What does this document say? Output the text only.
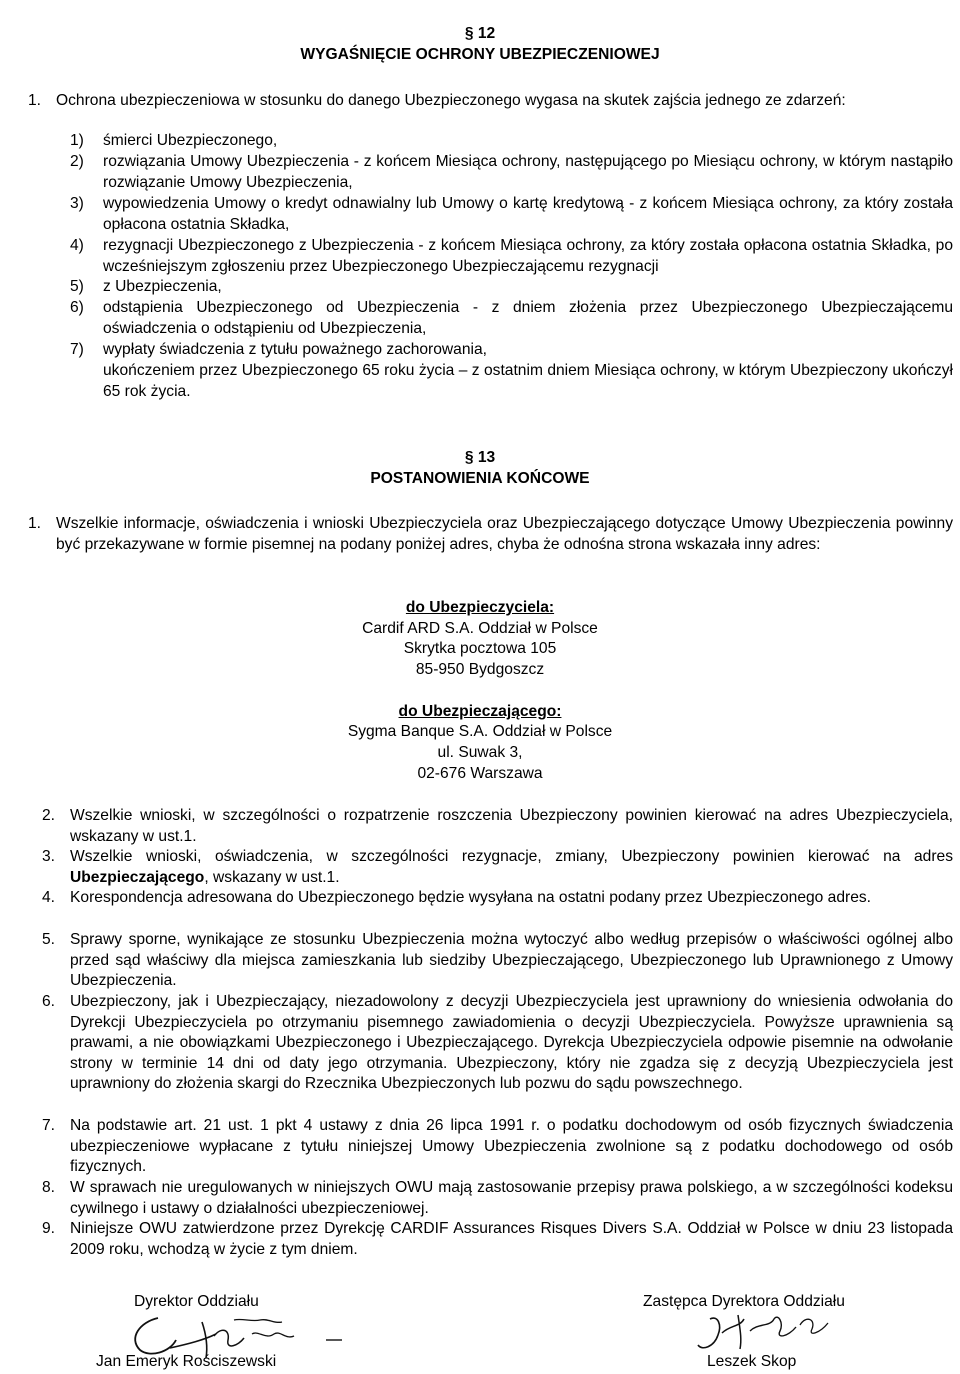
§ 12
WYGAŚNIĘCIE OCHRONY UBEZPIECZENIOWEJ
1. Ochrona ubezpieczeniowa w stosunku do danego Ubezpieczonego wygasa na skutek zajścia jednego ze zdarzeń:

1) śmierci Ubezpieczonego,

2) rozwiązania Umowy Ubezpieczenia - z końcem Miesiąca ochrony, następującego po Miesiącu ochrony, w którym nastąpiło rozwiązanie Umowy Ubezpieczenia,

3) wypowiedzenia Umowy o kredyt odnawialny lub Umowy o kartę kredytową - z końcem Miesiąca ochrony, za który została opłacona ostatnia Składka,

4) rezygnacji Ubezpieczonego z Ubezpieczenia - z końcem Miesiąca ochrony, za który została opłacona ostatnia Składka, po wcześniejszym zgłoszeniu przez Ubezpieczonego Ubezpieczającemu rezygnacji

5) z Ubezpieczenia,

6) odstąpienia Ubezpieczonego od Ubezpieczenia - z dniem złożenia przez Ubezpieczonego Ubezpieczającemu oświadczenia o odstąpieniu od Ubezpieczenia,

7) wypłaty świadczenia z tytułu poważnego zachorowania,

ukończeniem przez Ubezpieczonego 65 roku życia – z ostatnim dniem Miesiąca ochrony, w którym Ubezpieczony ukończył 65 rok życia.

§ 13
POSTANOWIENIA KOŃCOWE
1. Wszelkie informacje, oświadczenia i wnioski Ubezpieczyciela oraz Ubezpieczającego dotyczące Umowy Ubezpieczenia powinny być przekazywane w formie pisemnej na podany poniżej adres, chyba że odnośna strona wskazała inny adres:

do Ubezpieczyciela:
Cardif ARD S.A. Oddział w Polsce
Skrytka pocztowa 105
85-950 Bydgoszcz
do Ubezpieczającego:
Sygma Banque S.A. Oddział w Polsce
ul. Suwak 3,
02-676 Warszawa
2. Wszelkie wnioski, w szczególności o rozpatrzenie roszczenia Ubezpieczony powinien kierować na adres Ubezpieczyciela, wskazany w ust.1.

3. Wszelkie wnioski, oświadczenia, w szczególności rezygnacje, zmiany, Ubezpieczony powinien kierować na adres Ubezpieczającego, wskazany w ust.1.

4. Korespondencja adresowana do Ubezpieczonego będzie wysyłana na ostatni podany przez Ubezpieczonego adres.

5. Sprawy sporne, wynikające ze stosunku Ubezpieczenia można wytoczyć albo według przepisów o właściwości ogólnej albo przed sąd właściwy dla miejsca zamieszkania lub siedziby Ubezpieczającego, Ubezpieczonego lub Uprawnionego z Umowy Ubezpieczenia.

6. Ubezpieczony, jak i Ubezpieczający, niezadowolony z decyzji Ubezpieczyciela jest uprawniony do wniesienia odwołania do Dyrekcji Ubezpieczyciela po otrzymaniu pisemnego zawiadomienia o decyzji Ubezpieczyciela. Powyższe uprawnienia są prawami, a nie obowiązkami Ubezpieczonego i Ubezpieczającego. Dyrekcja Ubezpieczyciela odpowie pisemnie na odwołanie strony w terminie 14 dni od daty jego otrzymania. Ubezpieczony, który nie zgadza się z decyzją Ubezpieczyciela jest uprawniony do złożenia skargi do Rzecznika Ubezpieczonych lub pozwu do sądu powszechnego.

7. Na podstawie art. 21 ust. 1 pkt 4 ustawy z dnia 26 lipca 1991 r. o podatku dochodowym od osób fizycznych świadczenia ubezpieczeniowe wypłacane z tytułu niniejszej Umowy Ubezpieczenia zwolnione są z podatku dochodowego od osób fizycznych.

8. W sprawach nie uregulowanych w niniejszych OWU mają zastosowanie przepisy prawa polskiego, a w szczególności kodeksu cywilnego i ustawy o działalności ubezpieczeniowej.

9. Niniejsze OWU zatwierdzone przez Dyrekcję CARDIF Assurances Risques Divers S.A. Oddział w Polsce w dniu 23 listopada 2009 roku, wchodzą w życie z tym dniem.

Dyrektor Oddziału	Zastępca Dyrektora Oddziału
Jan Emeryk Rościszewski	Leszek Skop
